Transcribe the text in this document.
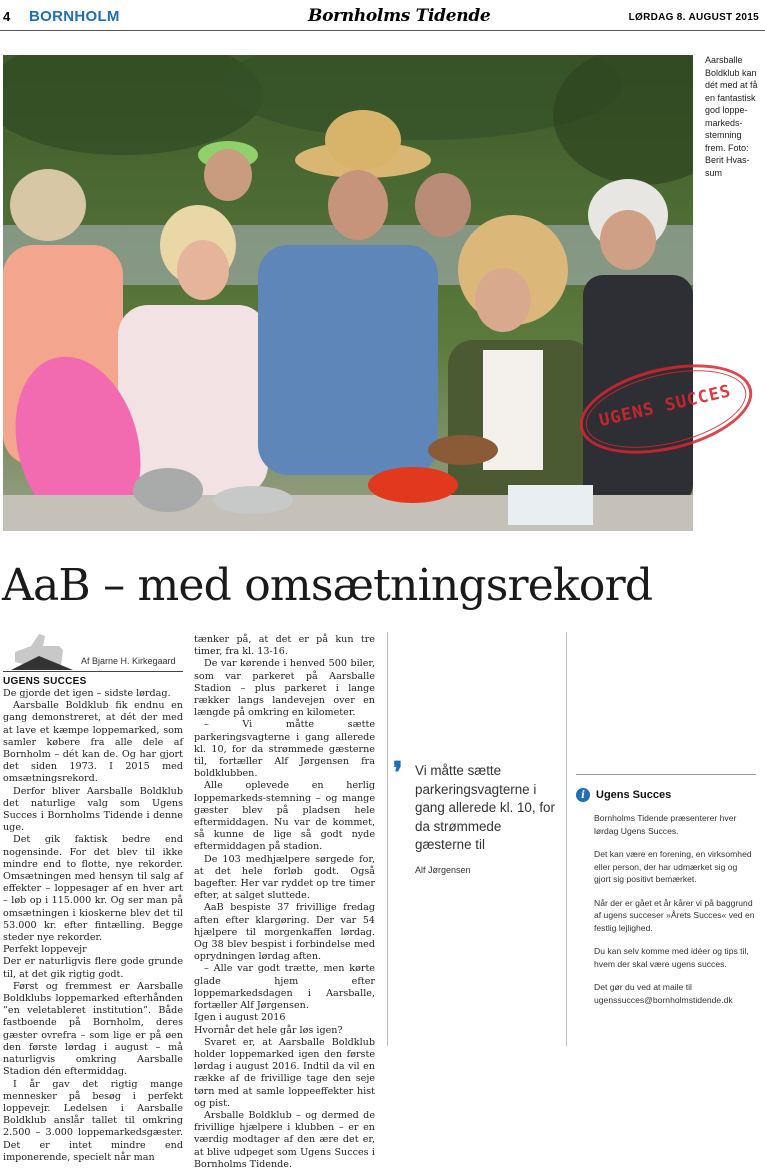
4 BORNHOLM	Bornholms Tidende	LØRDAG 8. AUGUST 2015
Aarsballe Boldklub kan dét med at få en fantastisk god loppe-markeds-stemning frem. Foto: Berit Hvas-sum
UGENS SUCCES
AaB – med omsætningsrekord
Af Bjarne H. Kirkegaard
UGENS SUCCES

De gjorde det igen – sidste lørdag.

Aarsballe Boldklub fik endnu en gang demonstreret, at dét der med at lave et kæmpe loppemarked, som samler købere fra alle dele af Bornholm – dét kan de. Og har gjort det siden 1973. I 2015 med omsætningsrekord.

Derfor bliver Aarsballe Boldklub det naturlige valg som Ugens Succes i Bornholms Tidende i denne uge.

Det gik faktisk bedre end nogensinde. For det blev til ikke mindre end to flotte, nye rekorder. Omsætningen med hensyn til salg af effekter – loppesager af en hver art – løb op i 115.000 kr. Og ser man på omsætningen i kioskerne blev det til 53.000 kr. efter fintælling. Begge steder nye rekorder.

Perfekt loppevejr

Der er naturligvis flere gode grunde til, at det gik rigtig godt.

Først og fremmest er Aarsballe Boldklubs loppemarked efterhånden ”en veletableret institution”. Både fastboende på Bornholm, deres gæster ovrefra – som lige er på øen den første lørdag i august – må naturligvis omkring Aarsballe Stadion dén eftermiddag.

I år gav det rigtig mange mennesker på besøg i perfekt loppevejr. Ledelsen i Aarsballe Boldklub anslår tallet til omkring 2.500 – 3.000 loppemarkedsgæster. Det er intet mindre end imponerende, specielt når man

tænker på, at det er på kun tre timer, fra kl. 13-16.

De var kørende i henved 500 biler, som var parkeret på Aarsballe Stadion – plus parkeret i lange rækker langs landevejen over en længde på omkring en kilometer.

– Vi måtte sætte parkeringsvagterne i gang allerede kl. 10, for da strømmede gæsterne til, fortæller Alf Jørgensen fra boldklubben.

Alle oplevede en herlig loppemarkeds-stemning – og mange gæster blev på pladsen hele eftermiddagen. Nu var de kommet, så kunne de lige så godt nyde eftermiddagen på stadion.

De 103 medhjælpere sørgede for, at det hele forløb godt. Også bagefter. Her var ryddet op tre timer efter, at salget sluttede.

AaB bespiste 37 frivillige fredag aften efter klargøring. Der var 54 hjælpere til morgenkaffen lørdag. Og 38 blev bespist i forbindelse med oprydningen lørdag aften.

– Alle var godt trætte, men kørte glade hjem efter loppemarkedsdagen i Aarsballe, fortæller Alf Jørgensen.

Igen i august 2016

Hvornår det hele går løs igen?

Svaret er, at Aarsballe Boldklub holder loppemarked igen den første lørdag i august 2016. Indtil da vil en række af de frivillige tage den seje tørn med at samle loppeeffekter hist og pist.

Arsballe Boldklub – og dermed de frivillige hjælpere i klubben – er en værdig modtager af den ære det er, at blive udpeget som Ugens Succes i Bornholms Tidende.

❜ Vi måtte sætte parkeringsvagterne i gang allerede kl. 10, for da strømmede gæsterne til
Alf Jørgensen
i	Ugens Succes

Bornholms Tidende præsenterer hver lørdag Ugens Succes.

Det kan være en forening, en virksomhed eller person, der har udmærket sig og gjort sig positivt bemærket.

Når der er gået et år kårer vi på baggrund af ugens succeser »Årets Succes« ved en festlig lejlighed.

Du kan selv komme med idéer og tips til, hvem der skal være ugens succes.

Det gør du ved at maile til ugenssucces@bornholmstidende.dk
